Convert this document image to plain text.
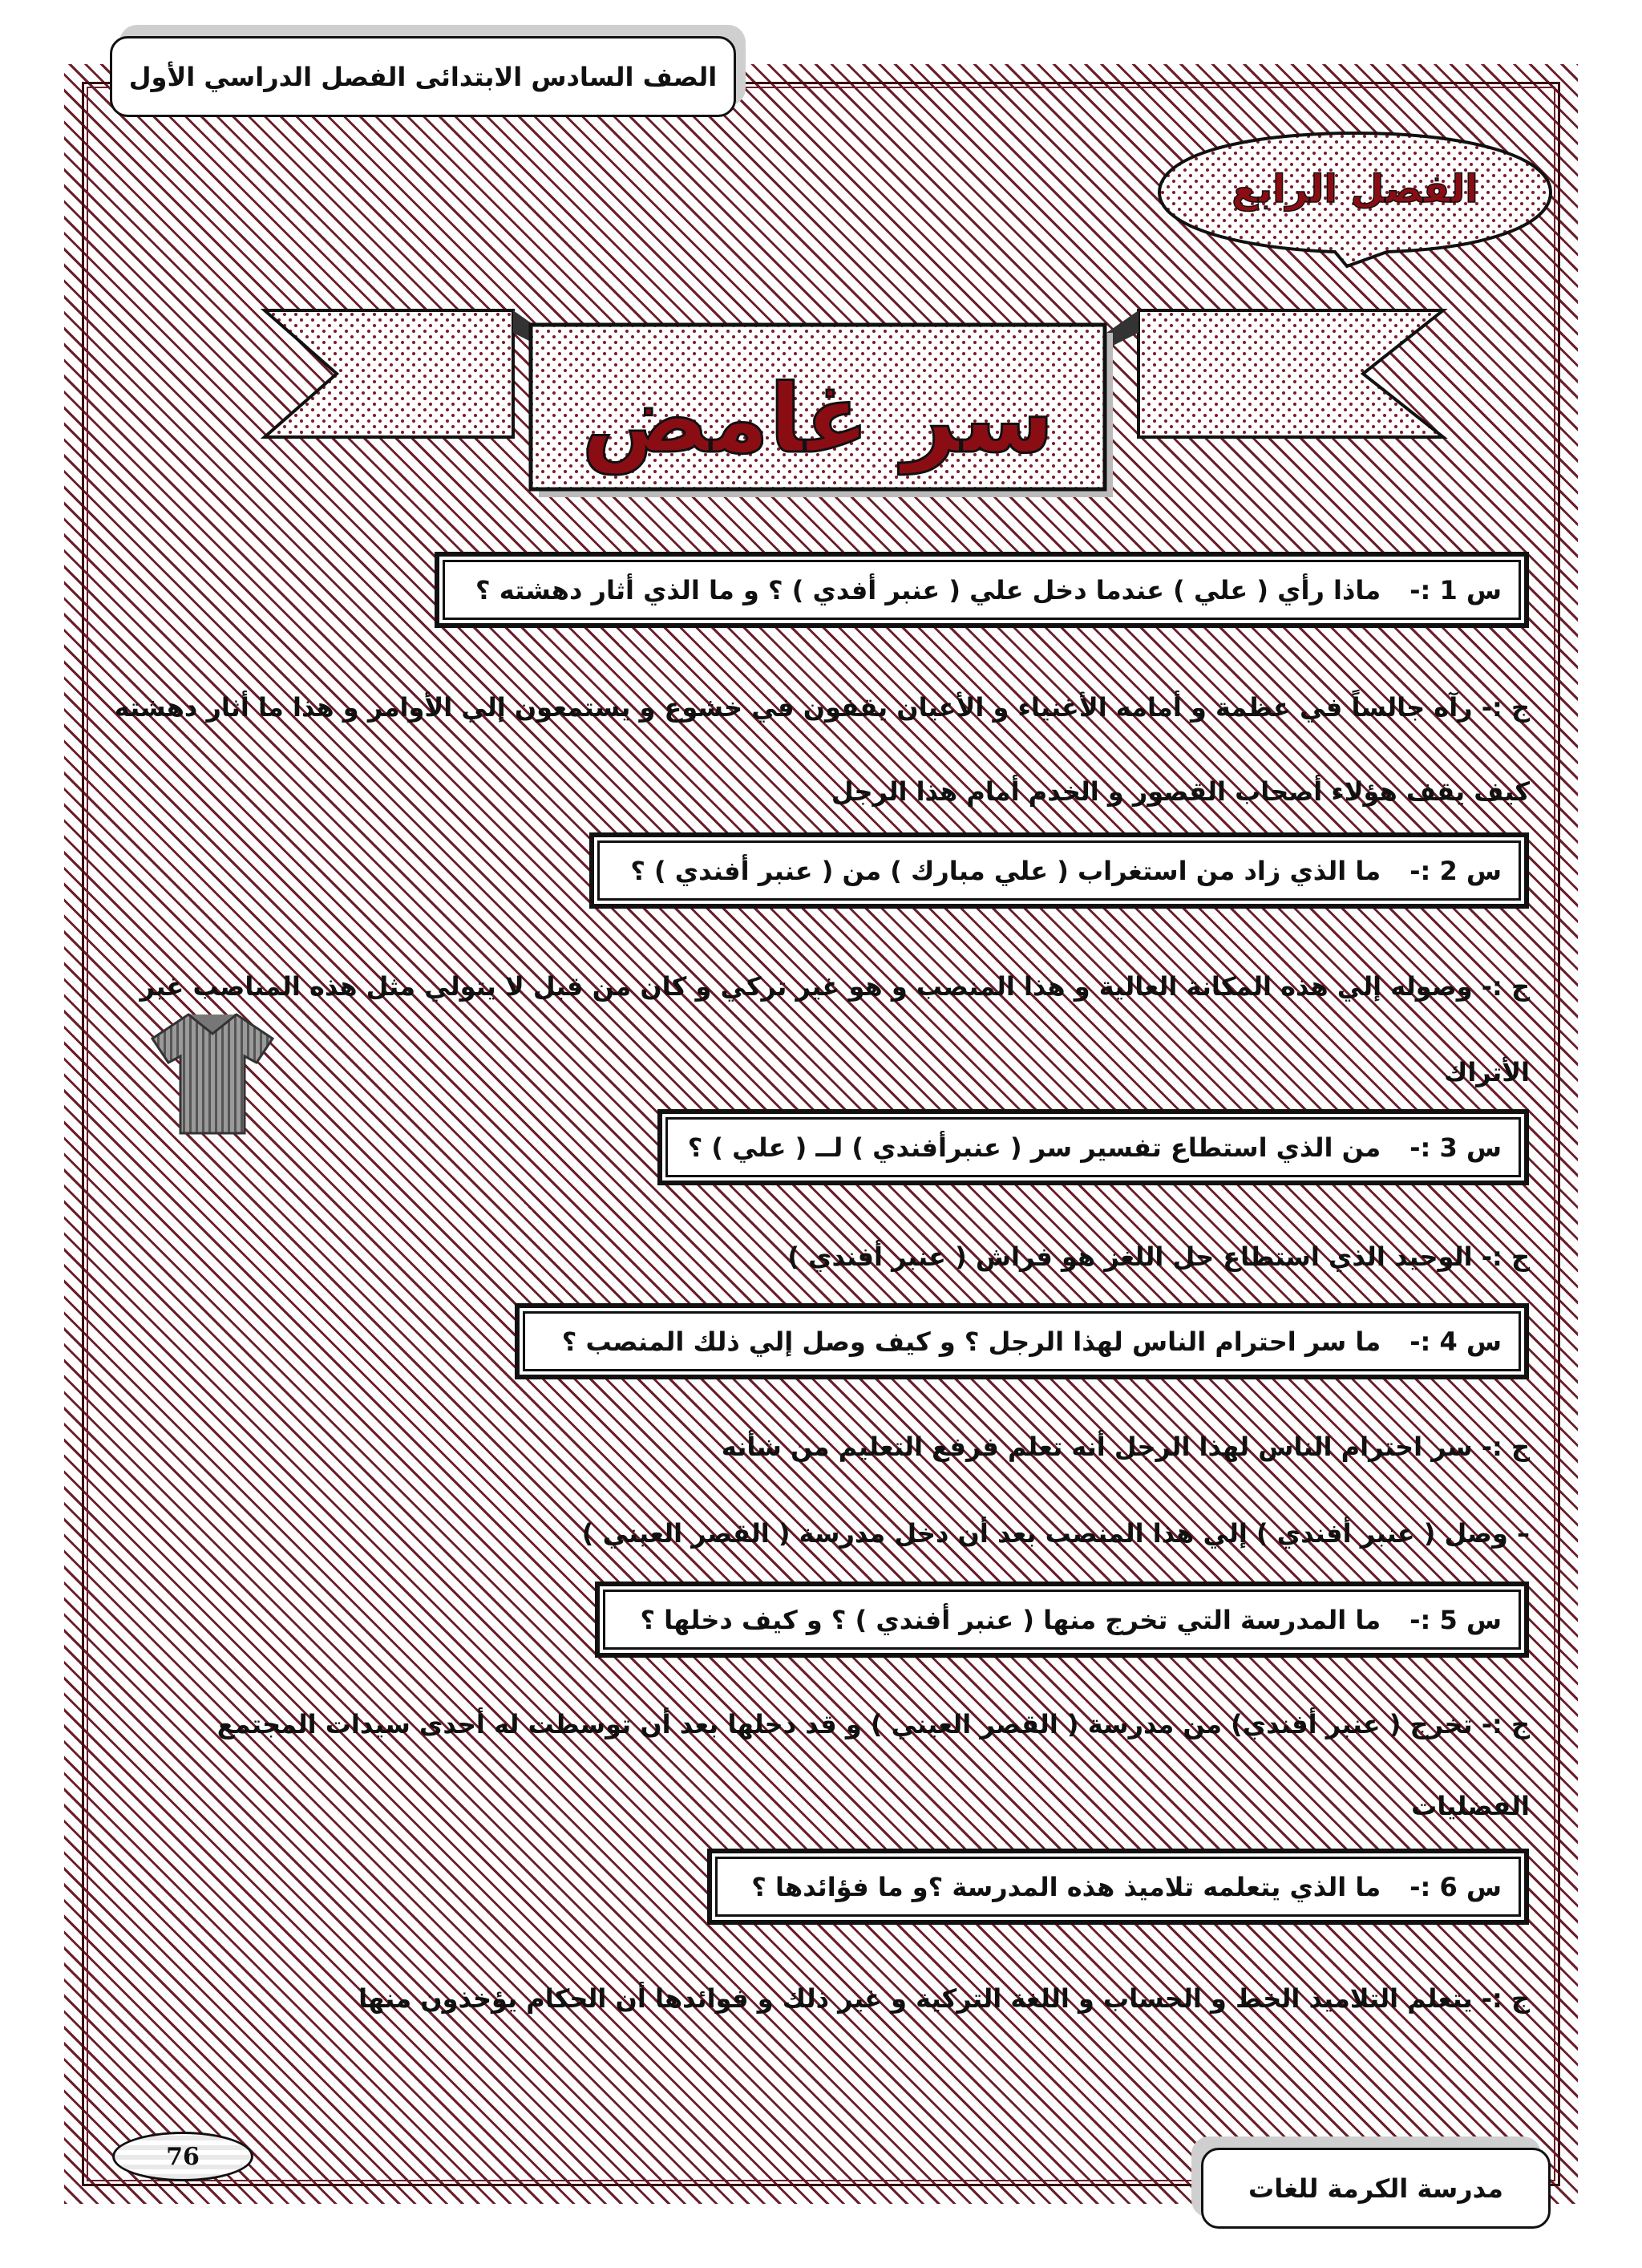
الصف السادس الابتدائى الفصل الدراسي الأول
الفصل الرابع
سر غامض
س 1 :-
ماذا رأي ( علي ) عندما دخل علي ( عنبر أفدي ) ؟ و ما الذي أثار دهشته ؟
ج :- رآه جالساً في عظمة و أمامه الأغنياء و الأعيان يقفون في خشوع و يستمعون إلي الأوامر و هذا ما أثار دهشته
كيف يقف هؤلاء أصحاب القصور و الخدم أمام هذا الرجل
س 2 :-
ما الذي زاد من استغراب ( علي مبارك ) من ( عنبر أفندي ) ؟
ج :- وصوله إلي هذه المكانة العالية و هذا المنصب و هو غير تركي و كان من قبل لا يتولي مثل هذه المناصب غير
الأتراك
س 3 :-
من الذي استطاع تفسير سر ( عنبرأفندي ) لــ ( علي ) ؟
ج :- الوحيد الذي استطاع حل اللغز هو فراش ( عنبر أفندي )
س 4 :-
ما سر احترام الناس لهذا الرجل ؟ و كيف وصل إلي ذلك المنصب ؟
ج :- سر احترام الناس لهذا الرجل أنه تعلم فرفع التعليم من شأنه
– وصل ( عنبر أفندي ) إلي هذا المنصب بعد أن دخل مدرسة ( القصر العيني )
س 5 :-
ما المدرسة التي تخرج منها ( عنبر أفندي ) ؟ و كيف دخلها ؟
ج :- تخرج ( عنبر أفندي) من مدرسة ( القصر العيني ) و قد دخلها بعد أن توسطت له أحدى سيدات المجتمع
الفضليات
س 6 :-
ما الذي يتعلمه تلاميذ هذه المدرسة ؟و ما فؤائدها ؟
ج :- يتعلم التلاميذ الخط و الحساب و اللغة التركية و غير ذلك و فوائدها أن الحكام يؤخذون منها
76
مدرسة الكرمة للغات
